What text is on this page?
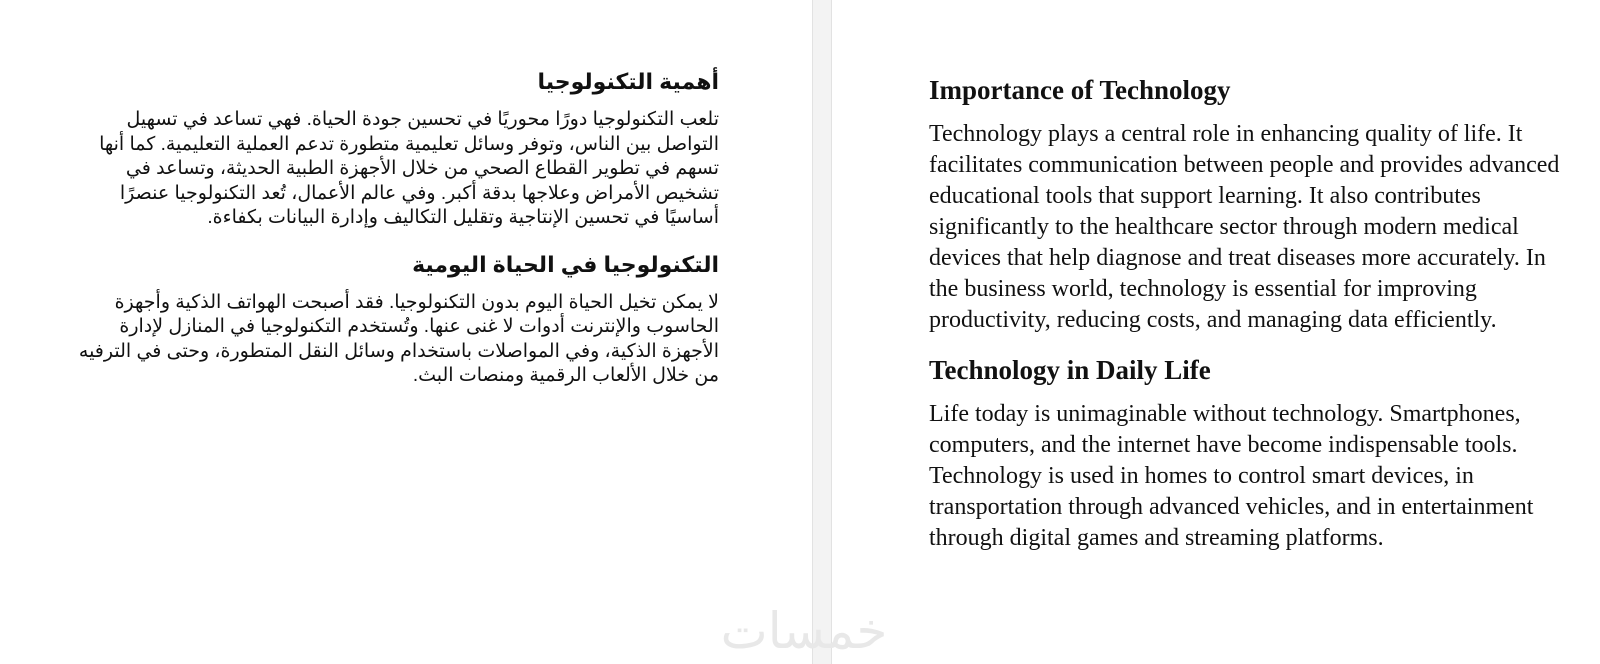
أهمية التكنولوجيا

تلعب التكنولوجيا دورًا محوريًا في تحسين جودة الحياة. فهي تساعد في تسهيل التواصل بين الناس، وتوفر وسائل تعليمية متطورة تدعم العملية التعليمية. كما أنها تسهم في تطوير القطاع الصحي من خلال الأجهزة الطبية الحديثة، وتساعد في تشخيص الأمراض وعلاجها بدقة أكبر. وفي عالم الأعمال، تُعد التكنولوجيا عنصرًا أساسيًا في تحسين الإنتاجية وتقليل التكاليف وإدارة البيانات بكفاءة.

التكنولوجيا في الحياة اليومية

لا يمكن تخيل الحياة اليوم بدون التكنولوجيا. فقد أصبحت الهواتف الذكية وأجهزة الحاسوب والإنترنت أدوات لا غنى عنها. وتُستخدم التكنولوجيا في المنازل لإدارة الأجهزة الذكية، وفي المواصلات باستخدام وسائل النقل المتطورة، وحتى في الترفيه من خلال الألعاب الرقمية ومنصات البث.

Importance of Technology

Technology plays a central role in enhancing quality of life. It facilitates communication between people and provides advanced educational tools that support learning. It also contributes significantly to the healthcare sector through modern medical devices that help diagnose and treat diseases more accurately. In the business world, technology is essential for improving productivity, reducing costs, and managing data efficiently.

Technology in Daily Life

Life today is unimaginable without technology. Smartphones, computers, and the internet have become indispensable tools. Technology is used in homes to control smart devices, in transportation through advanced vehicles, and in entertainment through digital games and streaming platforms.

خمسات
